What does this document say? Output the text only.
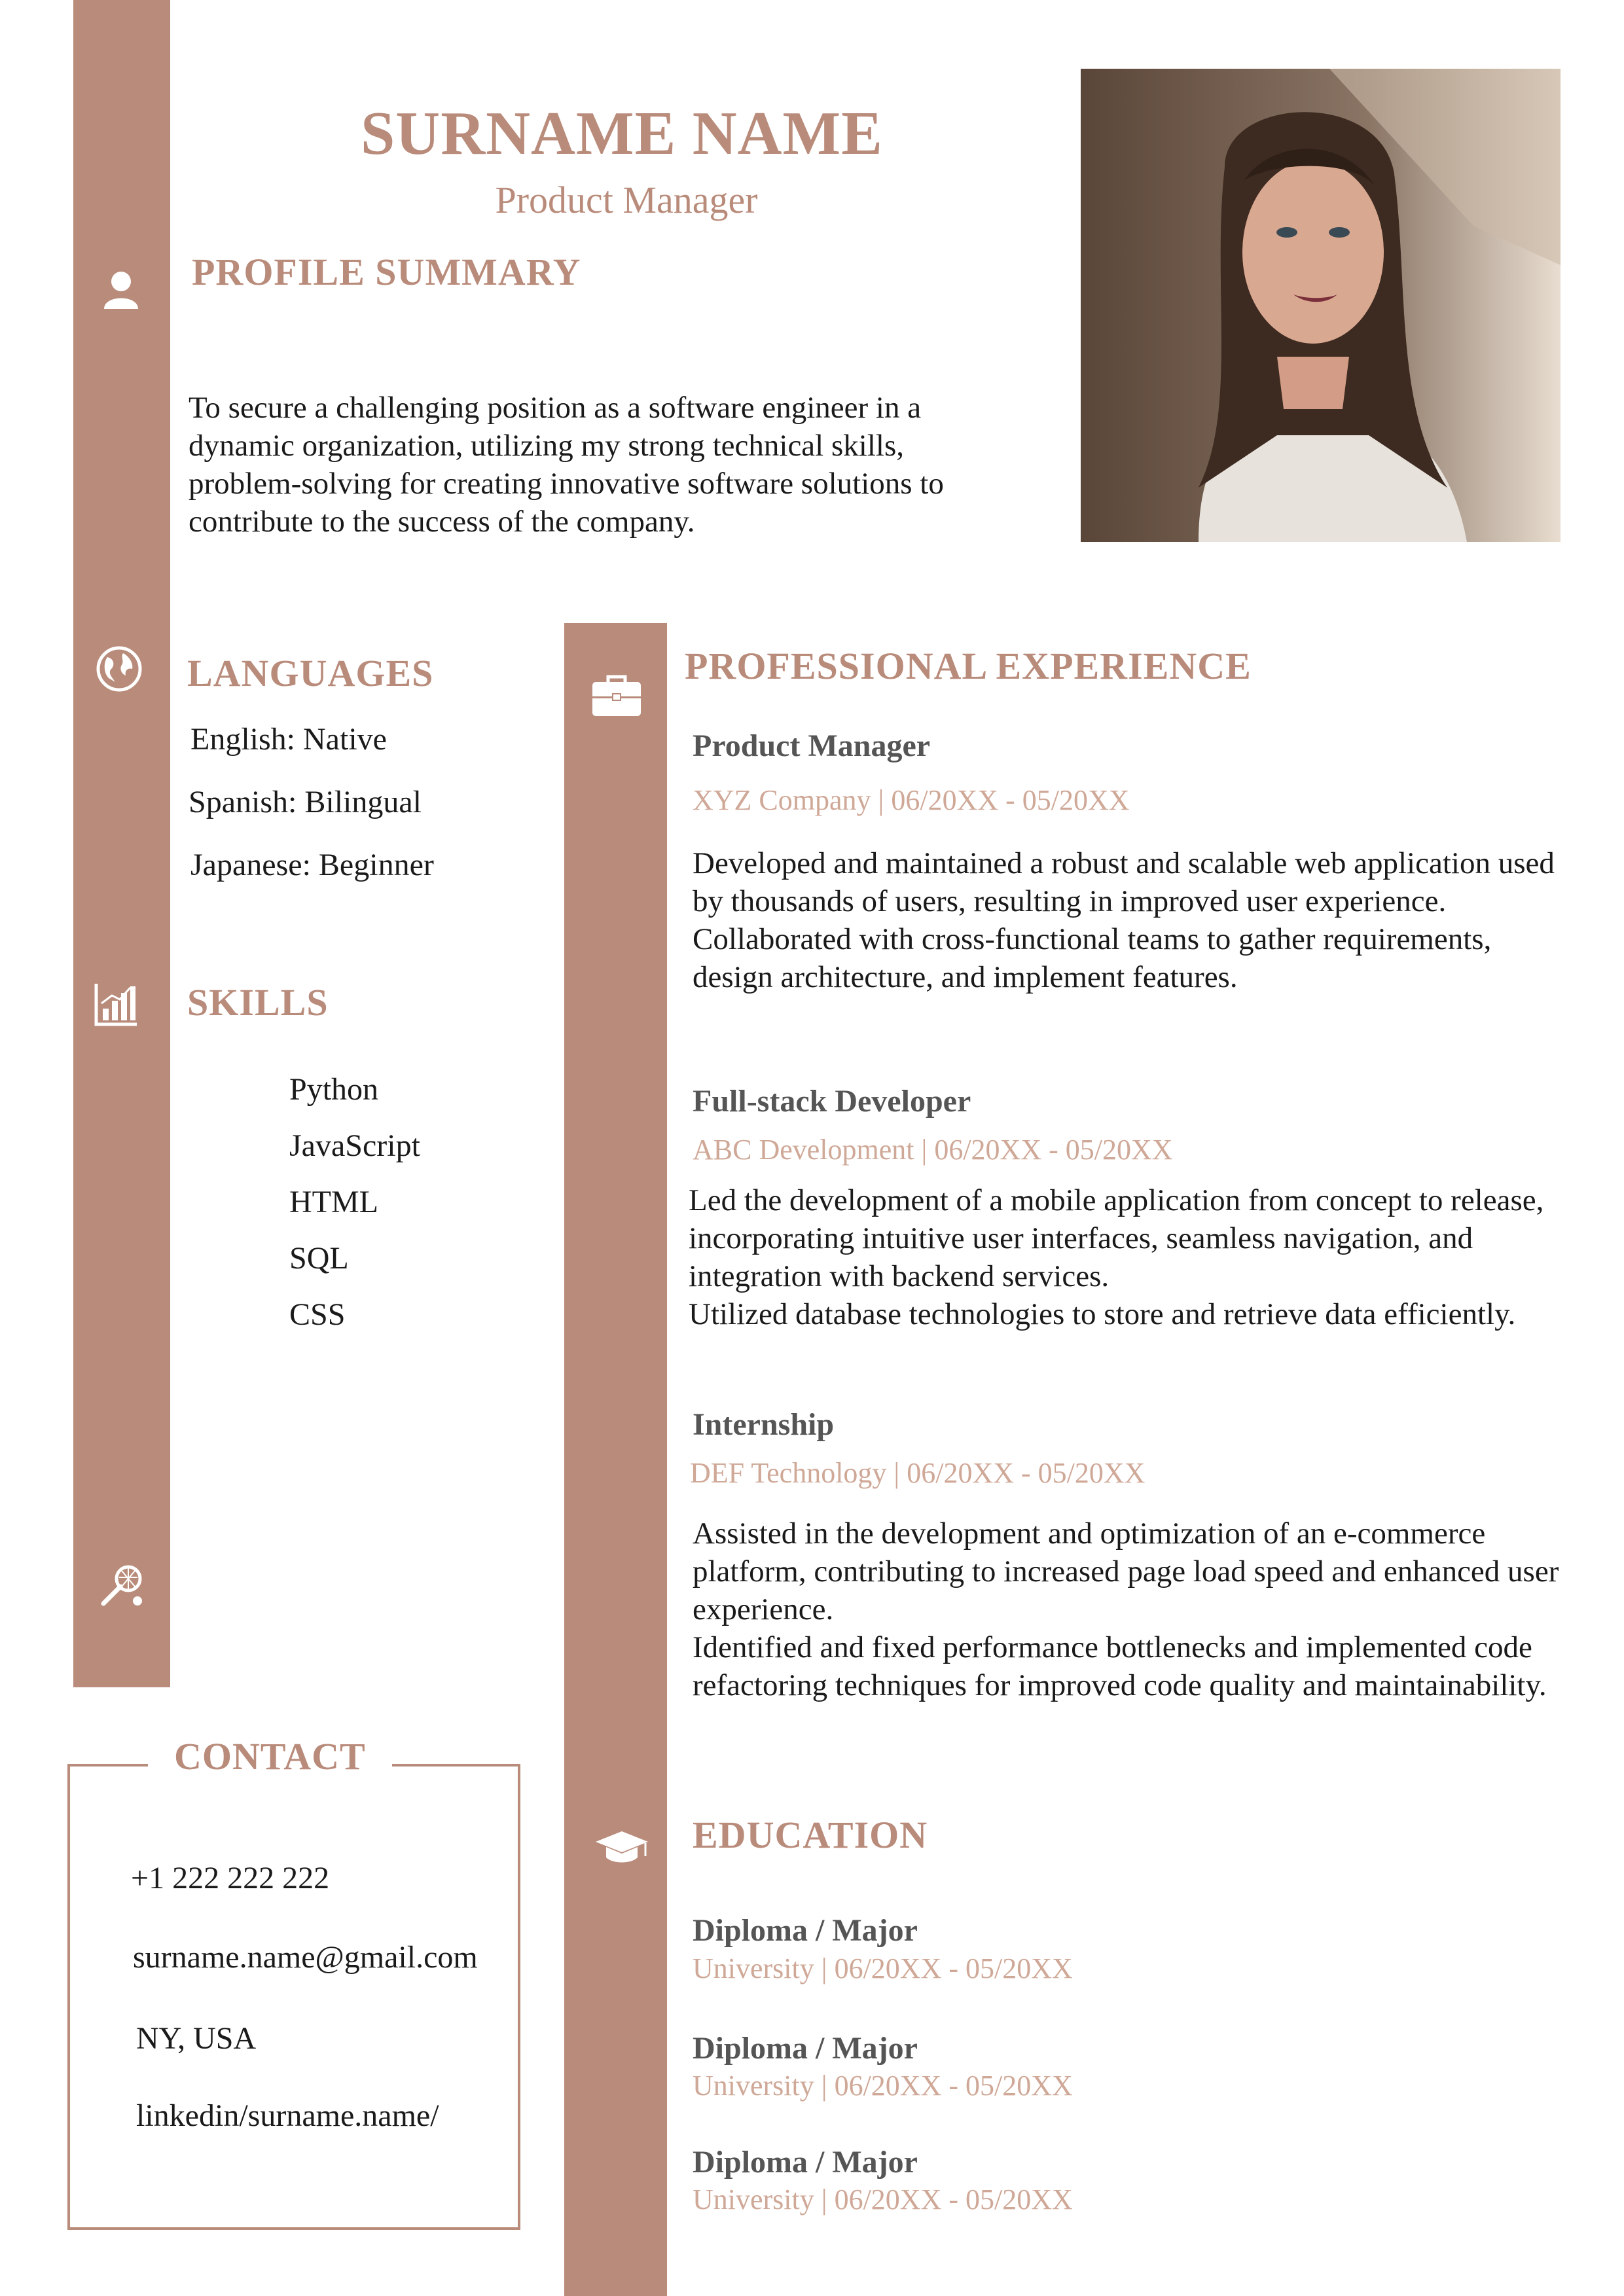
SURNAME NAME
Product Manager
PROFILE SUMMARY
To secure a challenging position as a software engineer in a dynamic organization, utilizing my strong technical skills, problem-solving for creating innovative software solutions to contribute to the success of the company.
LANGUAGES
English: Native
Spanish: Bilingual
Japanese: Beginner
SKILLS
Python
JavaScript
HTML
SQL
CSS
CONTACT
+1 222 222 222
surname.name@gmail.com
NY, USA
linkedin/surname.name/
PROFESSIONAL EXPERIENCE
Product Manager
XYZ Company | 06/20XX - 05/20XX
Developed and maintained a robust and scalable web application used by thousands of users, resulting in improved user experience.
Collaborated with cross-functional teams to gather requirements, design architecture, and implement features.
Full-stack Developer
ABC Development | 06/20XX - 05/20XX
Led the development of a mobile application from concept to release, incorporating intuitive user interfaces, seamless navigation, and integration with backend services.
Utilized database technologies to store and retrieve data efficiently.
Internship
DEF Technology | 06/20XX - 05/20XX
Assisted in the development and optimization of an e-commerce platform, contributing to increased page load speed and enhanced user experience.
Identified and fixed performance bottlenecks and implemented code refactoring techniques for improved code quality and maintainability.
EDUCATION
Diploma / Major
University | 06/20XX - 05/20XX
Diploma / Major
University | 06/20XX - 05/20XX
Diploma / Major
University | 06/20XX - 05/20XX
